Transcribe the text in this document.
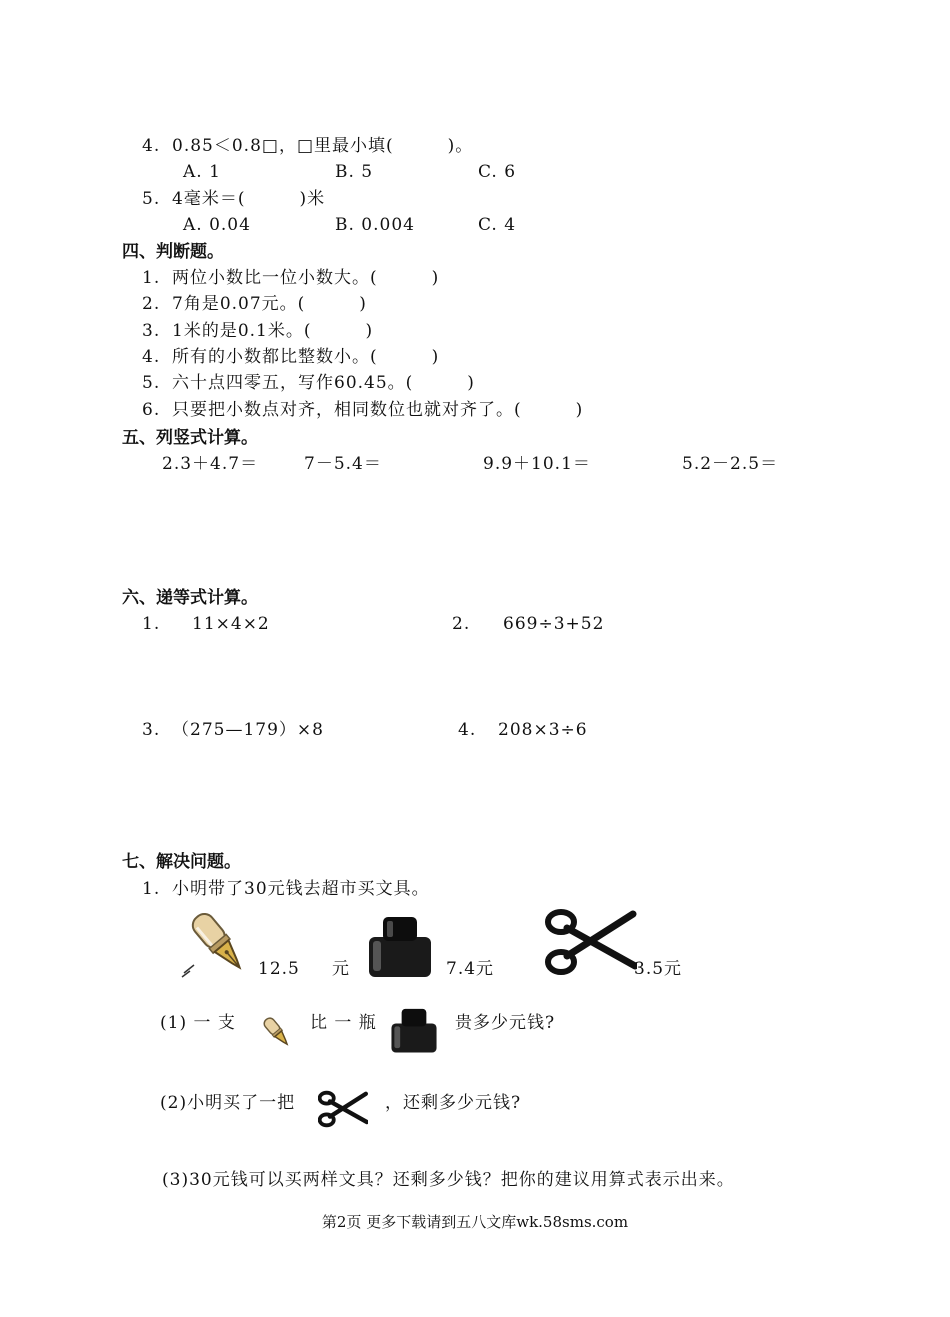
4. 0.85＜0.8□，□里最小填(　　　)。
A. 1	B. 5	C. 6
5. 4毫米＝(　　　)米
A. 0.04	B. 0.004	C. 4
四、判断题。
1. 两位小数比一位小数大。(　　　)
2. 7角是0.07元。(　　　)
3. 1米的是0.1米。(　　　)
4. 所有的小数都比整数小。(　　　)
5. 六十点四零五，写作60.45。(　　　)
6. 只要把小数点对齐，相同数位也就对齐了。(　　　)
五、列竖式计算。
2.3＋4.7＝	7－5.4＝	9.9＋10.1＝	5.2－2.5＝
六、递等式计算。
1. 11×4×2	2. 669÷3+52
3. （275—179）×8	4. 208×3÷6
七、解决问题。
1. 小明带了30元钱去超市买文具。
12.5 元	7.4元	3.5元
(1) 一 支	比 一 瓶	贵多少元钱?
(2)小明买了一把	，还剩多少元钱?
(3)30元钱可以买两样文具？还剩多少钱？把你的建议用算式表示出来。
第2页 更多下载请到五八文库wk.58sms.com
